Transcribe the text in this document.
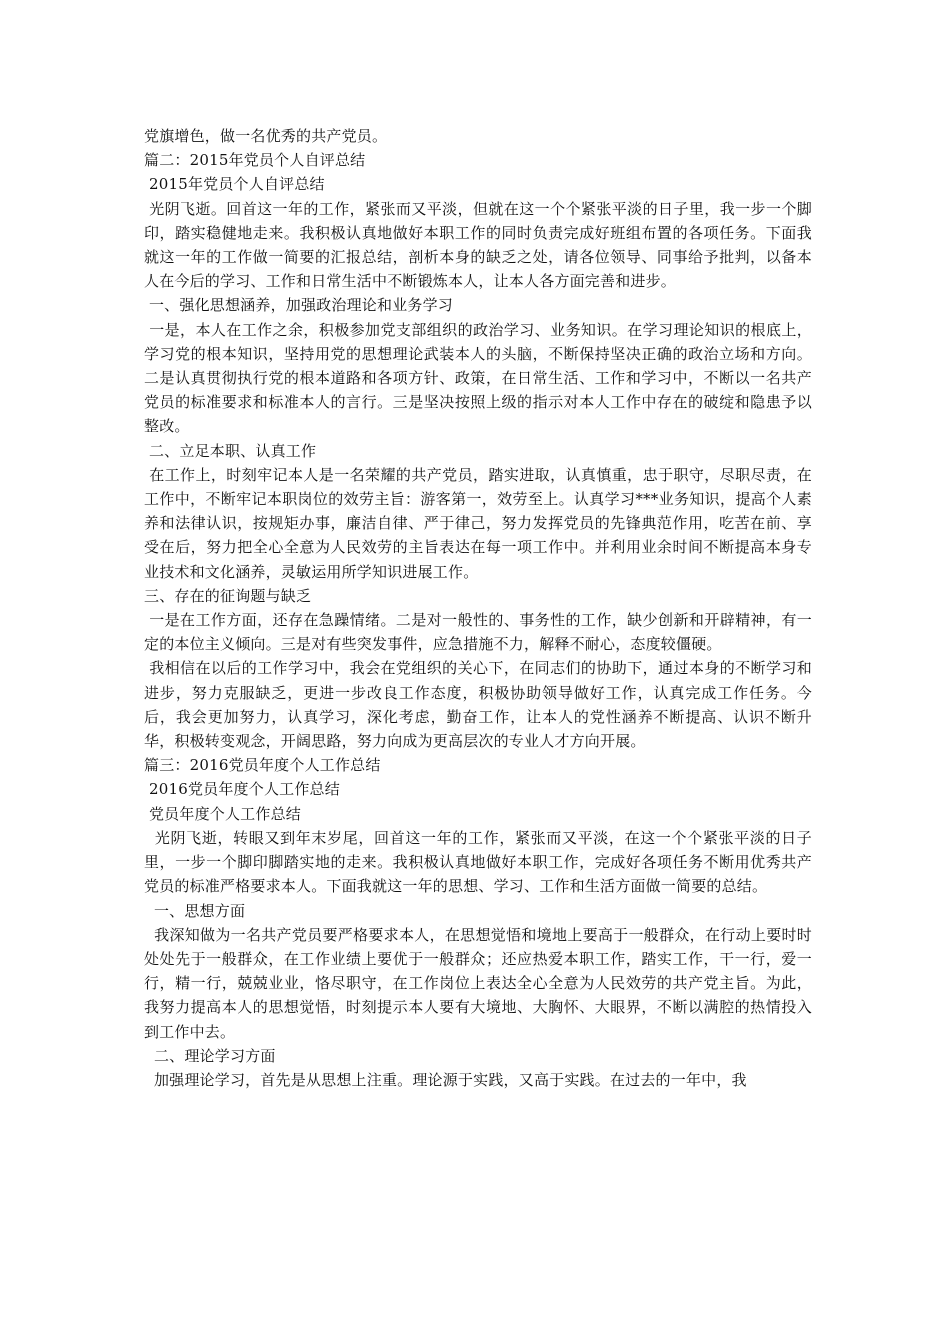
党旗增色，做一名优秀的共产党员。

篇二：2015年党员个人自评总结

2015年党员个人自评总结

光阴飞逝。回首这一年的工作，紧张而又平淡，但就在这一个个紧张平淡的日子里，我一步一个脚印，踏实稳健地走来。我积极认真地做好本职工作的同时负责完成好班组布置的各项任务。下面我就这一年的工作做一简要的汇报总结，剖析本身的缺乏之处，请各位领导、同事给予批判，以备本人在今后的学习、工作和日常生活中不断锻炼本人，让本人各方面完善和进步。

一、强化思想涵养，加强政治理论和业务学习

一是，本人在工作之余，积极参加党支部组织的政治学习、业务知识。在学习理论知识的根底上，学习党的根本知识，坚持用党的思想理论武装本人的头脑，不断保持坚决正确的政治立场和方向。二是认真贯彻执行党的根本道路和各项方针、政策，在日常生活、工作和学习中，不断以一名共产党员的标准要求和标准本人的言行。三是坚决按照上级的指示对本人工作中存在的破绽和隐患予以整改。

二、立足本职、认真工作

在工作上，时刻牢记本人是一名荣耀的共产党员，踏实进取，认真慎重，忠于职守，尽职尽责，在工作中，不断牢记本职岗位的效劳主旨：游客第一，效劳至上。认真学习***业务知识，提高个人素养和法律认识，按规矩办事，廉洁自律、严于律己，努力发挥党员的先锋典范作用，吃苦在前、享受在后，努力把全心全意为人民效劳的主旨表达在每一项工作中。并利用业余时间不断提高本身专业技术和文化涵养，灵敏运用所学知识进展工作。

三、存在的征询题与缺乏

一是在工作方面，还存在急躁情绪。二是对一般性的、事务性的工作，缺少创新和开辟精神，有一定的本位主义倾向。三是对有些突发事件，应急措施不力，解释不耐心，态度较僵硬。

我相信在以后的工作学习中，我会在党组织的关心下，在同志们的协助下，通过本身的不断学习和进步，努力克服缺乏，更进一步改良工作态度，积极协助领导做好工作，认真完成工作任务。今后，我会更加努力，认真学习，深化考虑，勤奋工作，让本人的党性涵养不断提高、认识不断升华，积极转变观念，开阔思路，努力向成为更高层次的专业人才方向开展。

篇三：2016党员年度个人工作总结

2016党员年度个人工作总结

党员年度个人工作总结

光阴飞逝，转眼又到年末岁尾，回首这一年的工作，紧张而又平淡，在这一个个紧张平淡的日子里，一步一个脚印脚踏实地的走来。我积极认真地做好本职工作，完成好各项任务不断用优秀共产党员的标准严格要求本人。下面我就这一年的思想、学习、工作和生活方面做一简要的总结。

一、思想方面

我深知做为一名共产党员要严格要求本人，在思想觉悟和境地上要高于一般群众，在行动上要时时处处先于一般群众，在工作业绩上要优于一般群众；还应热爱本职工作，踏实工作，干一行，爱一行，精一行，兢兢业业，恪尽职守，在工作岗位上表达全心全意为人民效劳的共产党主旨。为此，我努力提高本人的思想觉悟，时刻提示本人要有大境地、大胸怀、大眼界，不断以满腔的热情投入到工作中去。

二、理论学习方面

加强理论学习，首先是从思想上注重。理论源于实践，又高于实践。在过去的一年中，我
